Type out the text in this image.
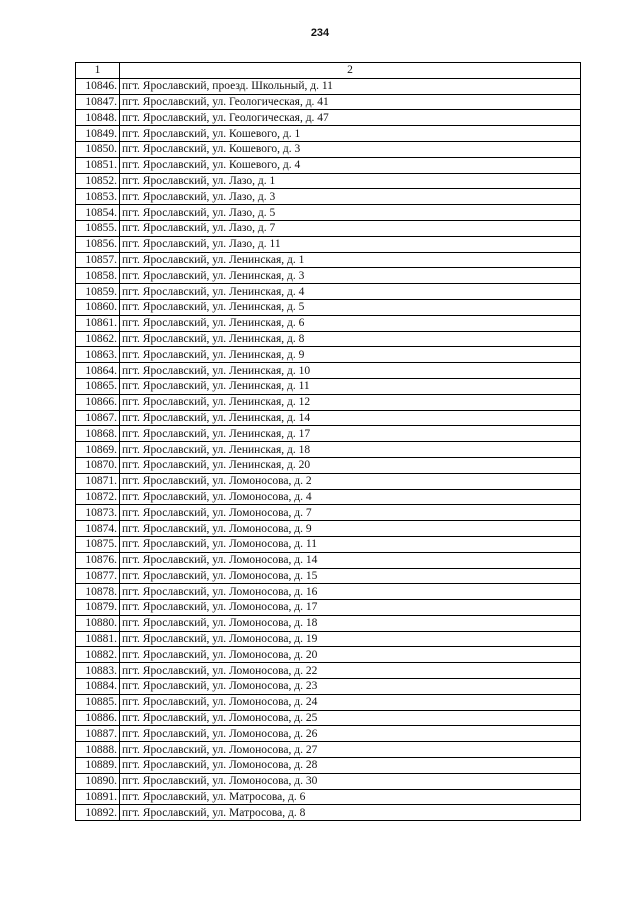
234
1	2
10846.	пгт. Ярославский, проезд. Школьный, д. 11
10847.	пгт. Ярославский, ул. Геологическая, д. 41
10848.	пгт. Ярославский, ул. Геологическая, д. 47
10849.	пгт. Ярославский, ул. Кошевого, д. 1
10850.	пгт. Ярославский, ул. Кошевого, д. 3
10851.	пгт. Ярославский, ул. Кошевого, д. 4
10852.	пгт. Ярославский, ул. Лазо, д. 1
10853.	пгт. Ярославский, ул. Лазо, д. 3
10854.	пгт. Ярославский, ул. Лазо, д. 5
10855.	пгт. Ярославский, ул. Лазо, д. 7
10856.	пгт. Ярославский, ул. Лазо, д. 11
10857.	пгт. Ярославский, ул. Ленинская, д. 1
10858.	пгт. Ярославский, ул. Ленинская, д. 3
10859.	пгт. Ярославский, ул. Ленинская, д. 4
10860.	пгт. Ярославский, ул. Ленинская, д. 5
10861.	пгт. Ярославский, ул. Ленинская, д. 6
10862.	пгт. Ярославский, ул. Ленинская, д. 8
10863.	пгт. Ярославский, ул. Ленинская, д. 9
10864.	пгт. Ярославский, ул. Ленинская, д. 10
10865.	пгт. Ярославский, ул. Ленинская, д. 11
10866.	пгт. Ярославский, ул. Ленинская, д. 12
10867.	пгт. Ярославский, ул. Ленинская, д. 14
10868.	пгт. Ярославский, ул. Ленинская, д. 17
10869.	пгт. Ярославский, ул. Ленинская, д. 18
10870.	пгт. Ярославский, ул. Ленинская, д. 20
10871.	пгт. Ярославский, ул. Ломоносова, д. 2
10872.	пгт. Ярославский, ул. Ломоносова, д. 4
10873.	пгт. Ярославский, ул. Ломоносова, д. 7
10874.	пгт. Ярославский, ул. Ломоносова, д. 9
10875.	пгт. Ярославский, ул. Ломоносова, д. 11
10876.	пгт. Ярославский, ул. Ломоносова, д. 14
10877.	пгт. Ярославский, ул. Ломоносова, д. 15
10878.	пгт. Ярославский, ул. Ломоносова, д. 16
10879.	пгт. Ярославский, ул. Ломоносова, д. 17
10880.	пгт. Ярославский, ул. Ломоносова, д. 18
10881.	пгт. Ярославский, ул. Ломоносова, д. 19
10882.	пгт. Ярославский, ул. Ломоносова, д. 20
10883.	пгт. Ярославский, ул. Ломоносова, д. 22
10884.	пгт. Ярославский, ул. Ломоносова, д. 23
10885.	пгт. Ярославский, ул. Ломоносова, д. 24
10886.	пгт. Ярославский, ул. Ломоносова, д. 25
10887.	пгт. Ярославский, ул. Ломоносова, д. 26
10888.	пгт. Ярославский, ул. Ломоносова, д. 27
10889.	пгт. Ярославский, ул. Ломоносова, д. 28
10890.	пгт. Ярославский, ул. Ломоносова, д. 30
10891.	пгт. Ярославский, ул. Матросова, д. 6
10892.	пгт. Ярославский, ул. Матросова, д. 8
